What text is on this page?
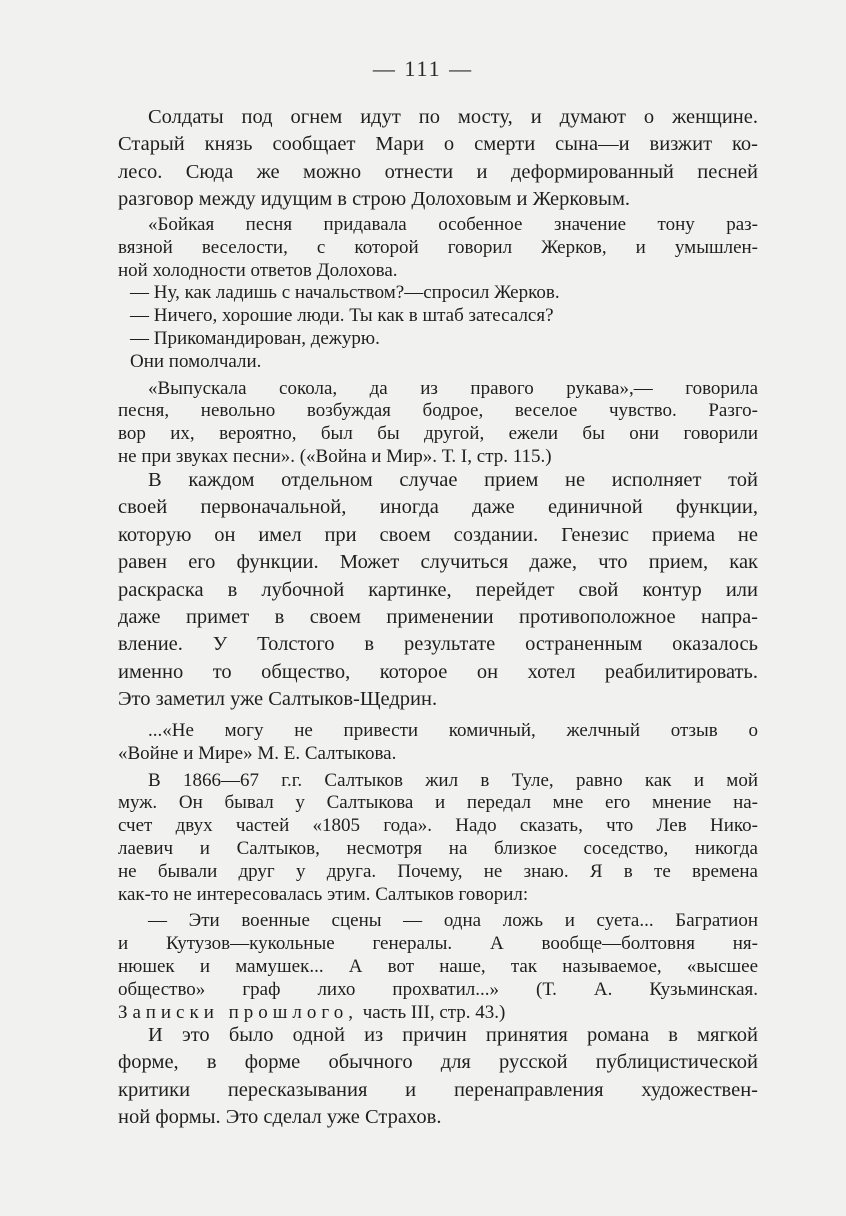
— 111 —
Солдаты под огнем идут по мосту, и думают о женщине.
Старый князь сообщает Мари о смерти сына—и визжит ко-
лесо. Сюда же можно отнести и деформированный песней
разговор между идущим в строю Долоховым и Жерковым.
«Бойкая песня придавала особенное значение тону раз-
вязной веселости, с которой говорил Жерков, и умышлен-
ной холодности ответов Долохова.
— Ну, как ладишь с начальством?—спросил Жерков.
— Ничего, хорошие люди. Ты как в штаб затесался?
— Прикомандирован, дежурю.
Они помолчали.
«Выпускала сокола, да из правого рукава»,— говорила
песня, невольно возбуждая бодрое, веселое чувство. Разго-
вор их, вероятно, был бы другой, ежели бы они говорили
не при звуках песни». («Война и Мир». Т. I, стр. 115.)
В каждом отдельном случае прием не исполняет той
своей первоначальной, иногда даже единичной функции,
которую он имел при своем создании. Генезис приема не
равен его функции. Может случиться даже, что прием, как
раскраска в лубочной картинке, перейдет свой контур или
даже примет в своем применении противоположное напра-
вление. У Толстого в результате остраненным оказалось
именно то общество, которое он хотел реабилитировать.
Это заметил уже Салтыков-Щедрин.
...«Не могу не привести комичный, желчный отзыв о
«Войне и Мире» М. Е. Салтыкова.
В 1866—67 г.г. Салтыков жил в Туле, равно как и мой
муж. Он бывал у Салтыкова и передал мне его мнение на-
счет двух частей «1805 года». Надо сказать, что Лев Нико-
лаевич и Салтыков, несмотря на близкое соседство, никогда
не бывали друг у друга. Почему, не знаю. Я в те времена
как-то не интересовалась этим. Салтыков говорил:
— Эти военные сцены — одна ложь и суета... Багратион
и Кутузов—кукольные генералы. А вообще—болтовня ня-
нюшек и мамушек... А вот наше, так называемое, «высшее
общество» граф лихо прохватил...» (Т. А. Кузьминская.
Записки прошлого, часть III, стр. 43.)
И это было одной из причин принятия романа в мягкой
форме, в форме обычного для русской публицистической
критики пересказывания и перенаправления художествен-
ной формы. Это сделал уже Страхов.
